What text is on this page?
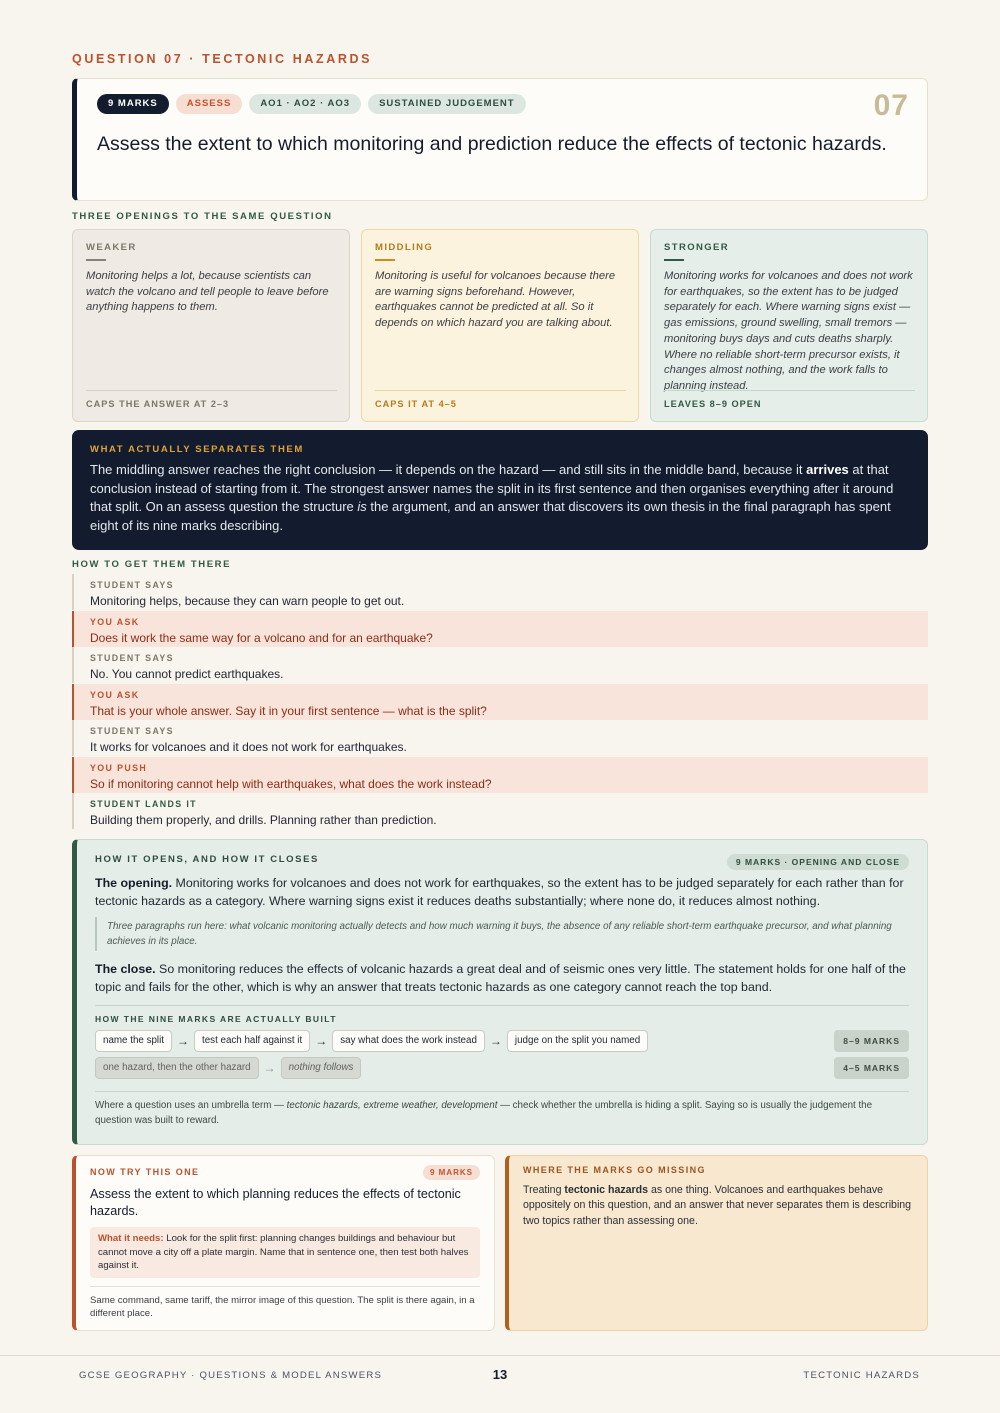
QUESTION 07 · TECTONIC HAZARDS
9 MARKS	ASSESS	AO1 · AO2 · AO3	SUSTAINED JUDGEMENT	07
Assess the extent to which monitoring and prediction reduce the effects of tectonic hazards.
THREE OPENINGS TO THE SAME QUESTION
WEAKER
Monitoring helps a lot, because scientists can watch the volcano and tell people to leave before anything happens to them.
CAPS THE ANSWER AT 2–3
MIDDLING
Monitoring is useful for volcanoes because there are warning signs beforehand. However, earthquakes cannot be predicted at all. So it depends on which hazard you are talking about.
CAPS IT AT 4–5
STRONGER
Monitoring works for volcanoes and does not work for earthquakes, so the extent has to be judged separately for each. Where warning signs exist — gas emissions, ground swelling, small tremors — monitoring buys days and cuts deaths sharply. Where no reliable short-term precursor exists, it changes almost nothing, and the work falls to planning instead.
LEAVES 8–9 OPEN
WHAT ACTUALLY SEPARATES THEM
The middling answer reaches the right conclusion — it depends on the hazard — and still sits in the middle band, because it arrives at that conclusion instead of starting from it. The strongest answer names the split in its first sentence and then organises everything after it around that split. On an assess question the structure is the argument, and an answer that discovers its own thesis in the final paragraph has spent eight of its nine marks describing.
HOW TO GET THEM THERE
STUDENT SAYS
Monitoring helps, because they can warn people to get out.
YOU ASK
Does it work the same way for a volcano and for an earthquake?
STUDENT SAYS
No. You cannot predict earthquakes.
YOU ASK
That is your whole answer. Say it in your first sentence — what is the split?
STUDENT SAYS
It works for volcanoes and it does not work for earthquakes.
YOU PUSH
So if monitoring cannot help with earthquakes, what does the work instead?
STUDENT LANDS IT
Building them properly, and drills. Planning rather than prediction.
HOW IT OPENS, AND HOW IT CLOSES	9 MARKS · OPENING AND CLOSE
The opening. Monitoring works for volcanoes and does not work for earthquakes, so the extent has to be judged separately for each rather than for tectonic hazards as a category. Where warning signs exist it reduces deaths substantially; where none do, it reduces almost nothing.
Three paragraphs run here: what volcanic monitoring actually detects and how much warning it buys, the absence of any reliable short-term earthquake precursor, and what planning achieves in its place.
The close. So monitoring reduces the effects of volcanic hazards a great deal and of seismic ones very little. The statement holds for one half of the topic and fails for the other, which is why an answer that treats tectonic hazards as one category cannot reach the top band.
HOW THE NINE MARKS ARE ACTUALLY BUILT
name the split	→	test each half against it	→	say what does the work instead	→	judge on the split you named	8–9 MARKS
one hazard, then the other hazard	→	nothing follows	4–5 MARKS
Where a question uses an umbrella term — tectonic hazards, extreme weather, development — check whether the umbrella is hiding a split. Saying so is usually the judgement the question was built to reward.
NOW TRY THIS ONE	9 MARKS
Assess the extent to which planning reduces the effects of tectonic hazards.
What it needs: Look for the split first: planning changes buildings and behaviour but cannot move a city off a plate margin. Name that in sentence one, then test both halves against it.
Same command, same tariff, the mirror image of this question. The split is there again, in a different place.
WHERE THE MARKS GO MISSING
Treating tectonic hazards as one thing. Volcanoes and earthquakes behave oppositely on this question, and an answer that never separates them is describing two topics rather than assessing one.
GCSE GEOGRAPHY · QUESTIONS & MODEL ANSWERS	13	TECTONIC HAZARDS
